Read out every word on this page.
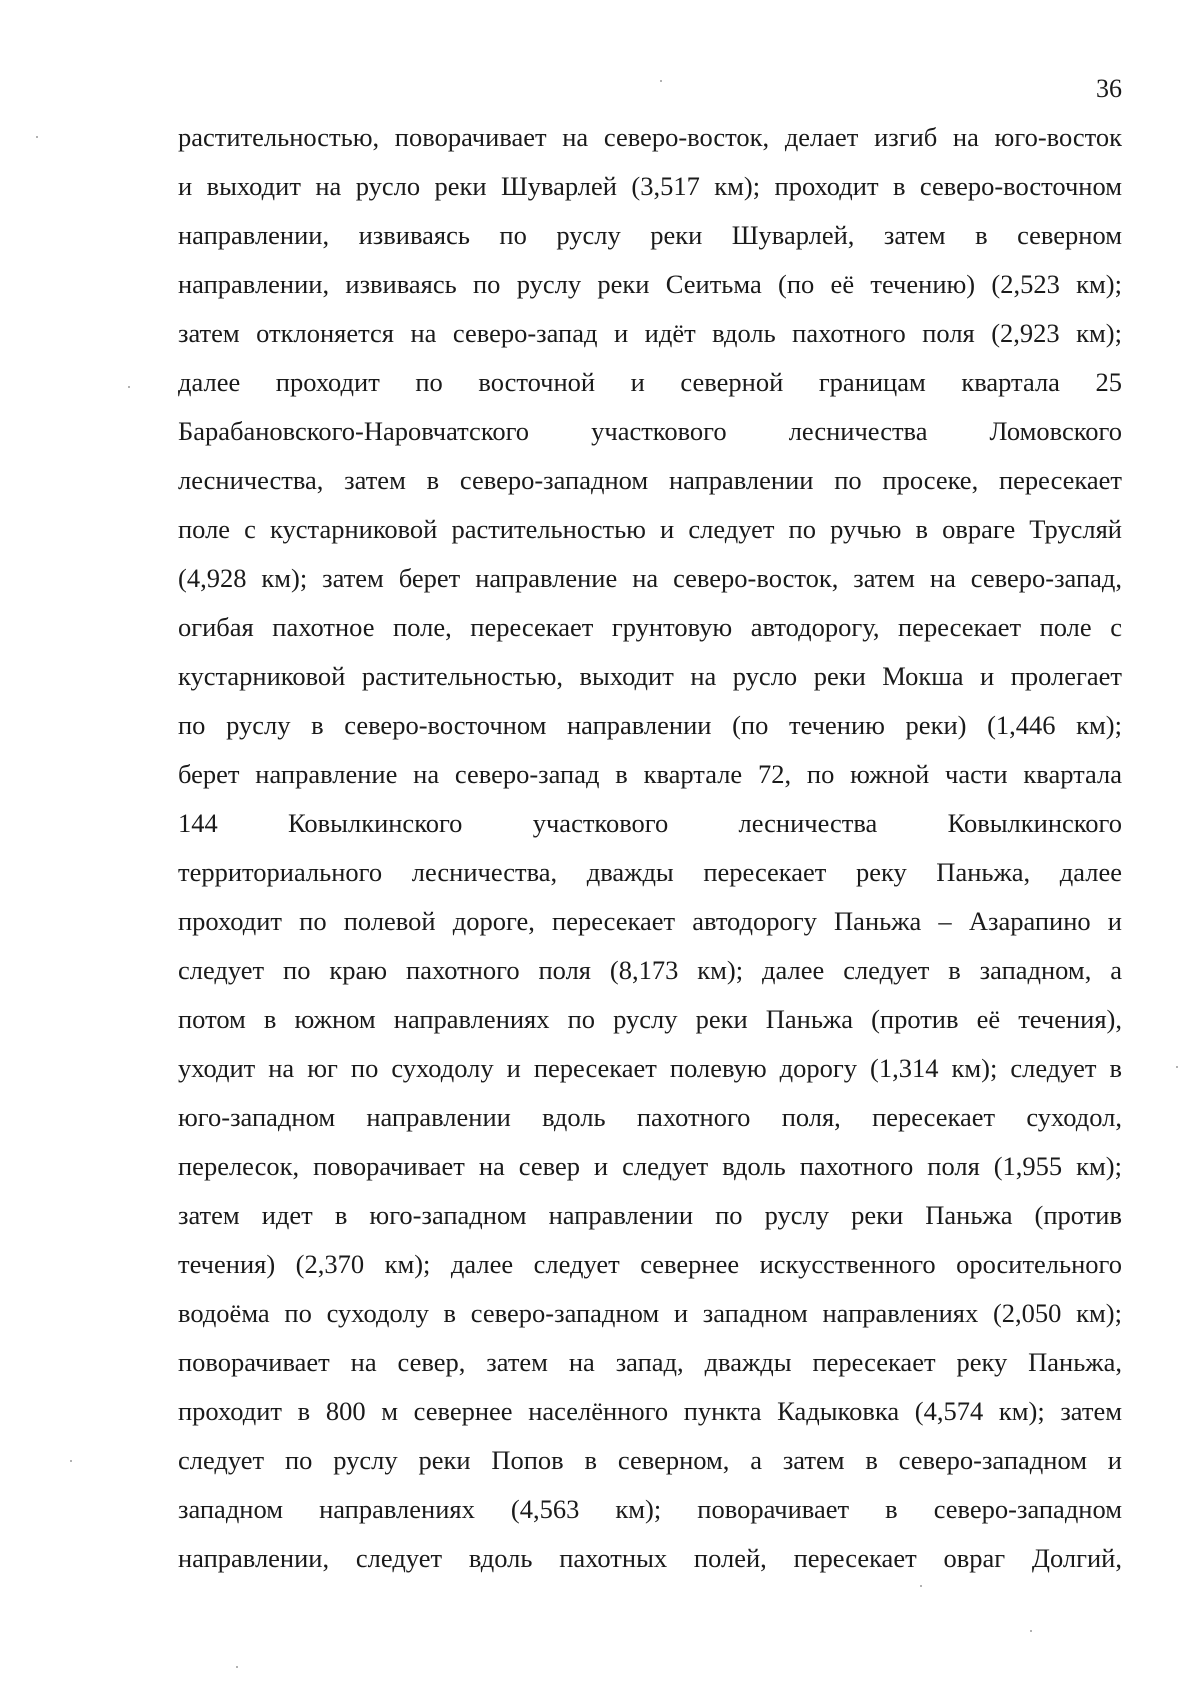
36
растительностью, поворачивает на северо-восток, делает изгиб на юго-восток
и выходит на русло реки Шуварлей (3,517 км); проходит в северо-восточном
направлении, извиваясь по руслу реки Шуварлей, затем в северном
направлении, извиваясь по руслу реки Сеитьма (по её течению) (2,523 км);
затем отклоняется на северо-запад и идёт вдоль пахотного поля (2,923 км);
далее проходит по восточной и северной границам квартала 25
Барабановского-Наровчатского участкового лесничества Ломовского
лесничества, затем в северо-западном направлении по просеке, пересекает
поле с кустарниковой растительностью и следует по ручью в овраге Трусляй
(4,928 км); затем берет направление на северо-восток, затем на северо-запад,
огибая пахотное поле, пересекает грунтовую автодорогу, пересекает поле с
кустарниковой растительностью, выходит на русло реки Мокша и пролегает
по руслу в северо-восточном направлении (по течению реки) (1,446 км);
берет направление на северо-запад в квартале 72, по южной части квартала
144 Ковылкинского участкового лесничества Ковылкинского
территориального лесничества, дважды пересекает реку Паньжа, далее
проходит по полевой дороге, пересекает автодорогу Паньжа – Азарапино и
следует по краю пахотного поля (8,173 км); далее следует в западном, а
потом в южном направлениях по руслу реки Паньжа (против её течения),
уходит на юг по суходолу и пересекает полевую дорогу (1,314 км); следует в
юго-западном направлении вдоль пахотного поля, пересекает суходол,
перелесок, поворачивает на север и следует вдоль пахотного поля (1,955 км);
затем идет в юго-западном направлении по руслу реки Паньжа (против
течения) (2,370 км); далее следует севернее искусственного оросительного
водоёма по суходолу в северо-западном и западном направлениях (2,050 км);
поворачивает на север, затем на запад, дважды пересекает реку Паньжа,
проходит в 800 м севернее населённого пункта Кадыковка (4,574 км); затем
следует по руслу реки Попов в северном, а затем в северо-западном и
западном направлениях (4,563 км); поворачивает в северо-западном
направлении, следует вдоль пахотных полей, пересекает овраг Долгий,
